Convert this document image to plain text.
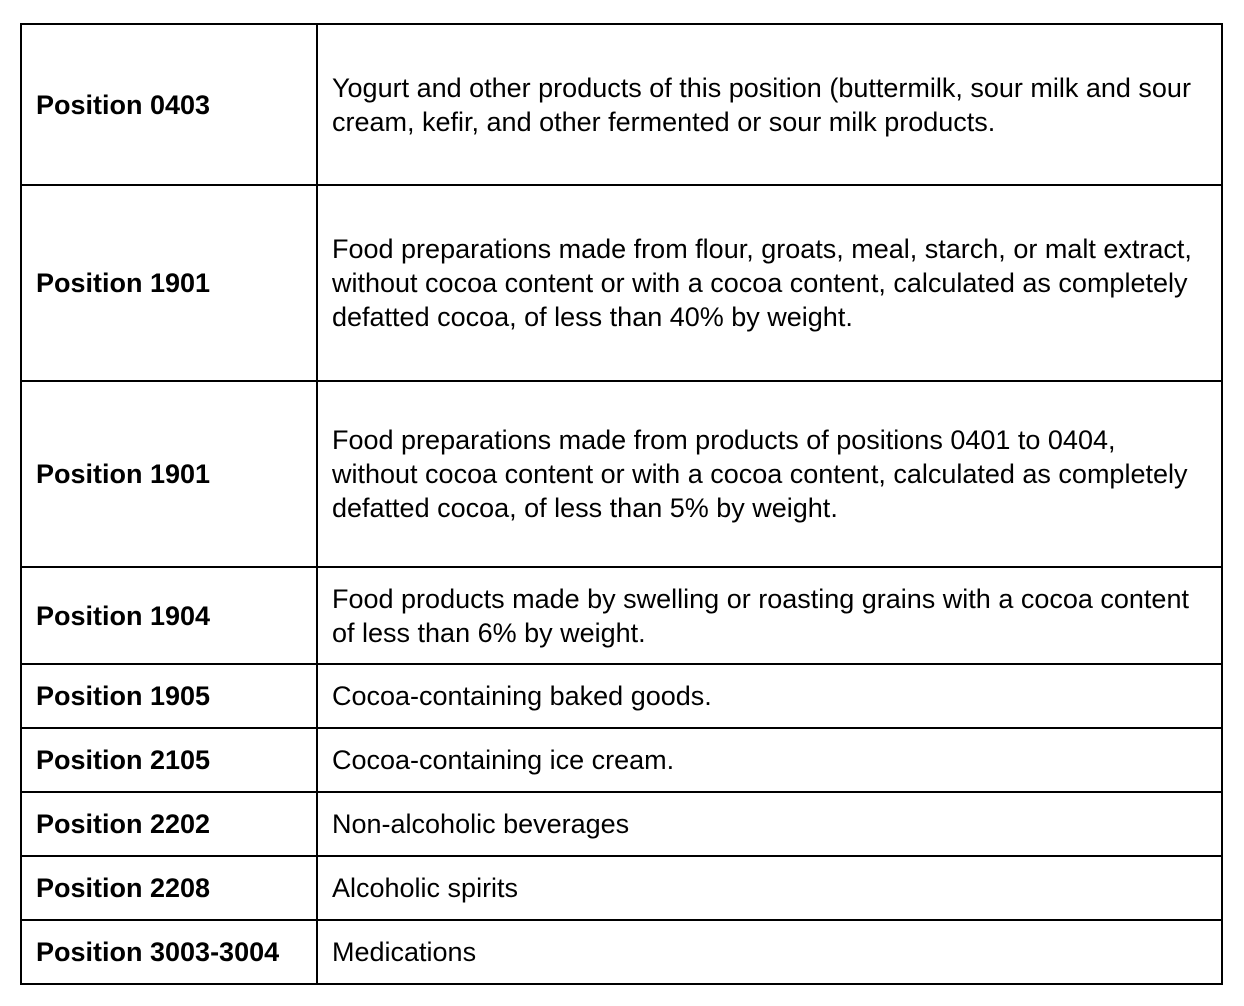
Position 0403	Yogurt and other products of this position (buttermilk, sour milk and sour cream, kefir, and other fermented or sour milk products.
Position 1901	Food preparations made from flour, groats, meal, starch, or malt extract, without cocoa content or with a cocoa content, calculated as completely defatted cocoa, of less than 40% by weight.
Position 1901	Food preparations made from products of positions 0401 to 0404, without cocoa content or with a cocoa content, calculated as completely defatted cocoa, of less than 5% by weight.
Position 1904	Food products made by swelling or roasting grains with a cocoa content of less than 6% by weight.
Position 1905	Cocoa-containing baked goods.
Position 2105	Cocoa-containing ice cream.
Position 2202	Non-alcoholic beverages
Position 2208	Alcoholic spirits
Position 3003-3004	Medications
